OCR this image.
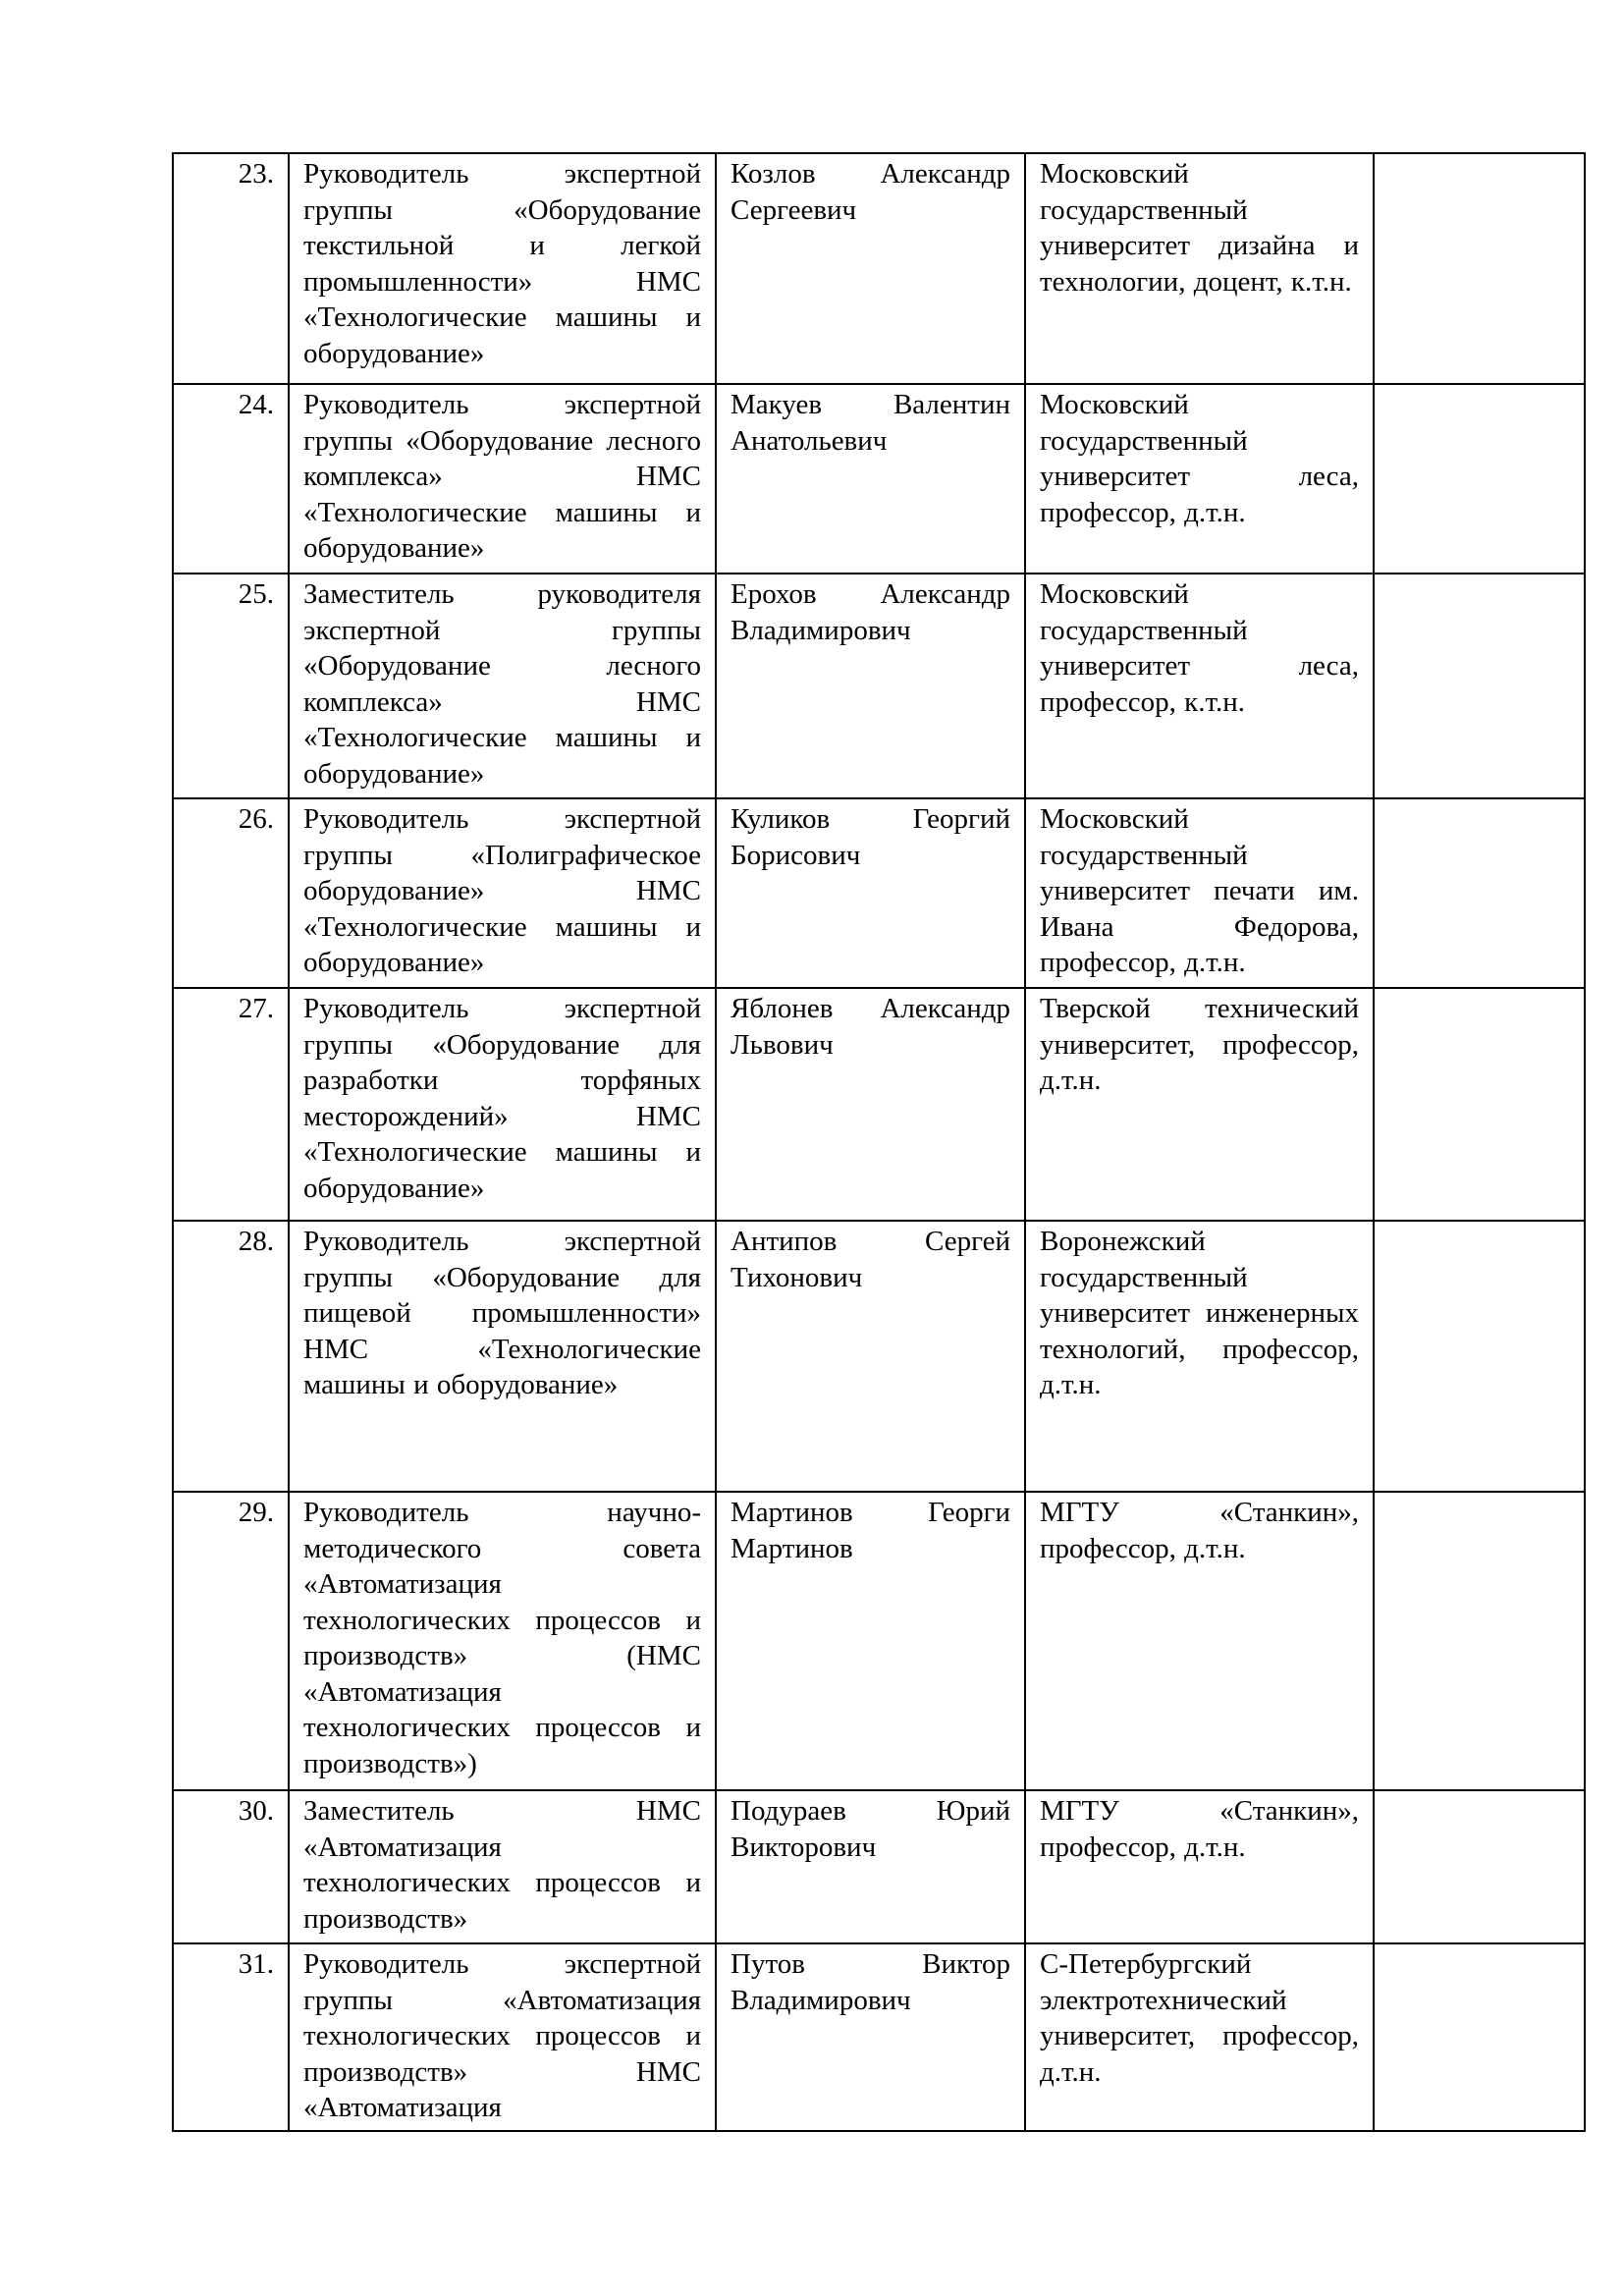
23.	Руководитель экспертной группы «Оборудование текстильной и легкой промышленности» НМС «Технологические машины и оборудование»	Козлов Александр Сергеевич	Московский государственный университет дизайна и технологии, доцент, к.т.н.	
24.	Руководитель экспертной группы «Оборудование лесного комплекса» НМС «Технологические машины и оборудование»	Макуев Валентин Анатольевич	Московский государственный университет леса, профессор, д.т.н.	
25.	Заместитель руководителя экспертной группы «Оборудование лесного комплекса» НМС «Технологические машины и оборудование»	Ерохов Александр Владимирович	Московский государственный университет леса, профессор, к.т.н.	
26.	Руководитель экспертной группы «Полиграфическое оборудование» НМС «Технологические машины и оборудование»	Куликов Георгий Борисович	Московский государственный университет печати им. Ивана Федорова, профессор, д.т.н.	
27.	Руководитель экспертной группы «Оборудование для разработки торфяных месторождений» НМС «Технологические машины и оборудование»	Яблонев Александр Львович	Тверской технический университет, профессор, д.т.н.	
28.	Руководитель экспертной группы «Оборудование для пищевой промышленности» НМС «Технологические машины и оборудование»	Антипов Сергей Тихонович	Воронежский государственный университет инженерных технологий, профессор, д.т.н.	
29.	Руководитель научно-методического совета «Автоматизация технологических процессов и производств» (НМС «Автоматизация технологических процессов и производств»)	Мартинов Георги Мартинов	МГТУ «Станкин», профессор, д.т.н.	
30.	Заместитель НМС «Автоматизация технологических процессов и производств»	Подураев Юрий Викторович	МГТУ «Станкин», профессор, д.т.н.	
31.	Руководитель экспертной группы «Автоматизация технологических процессов и производств» НМС «Автоматизация	Путов Виктор Владимирович	С-Петербургский электротехнический университет, профессор, д.т.н.	
